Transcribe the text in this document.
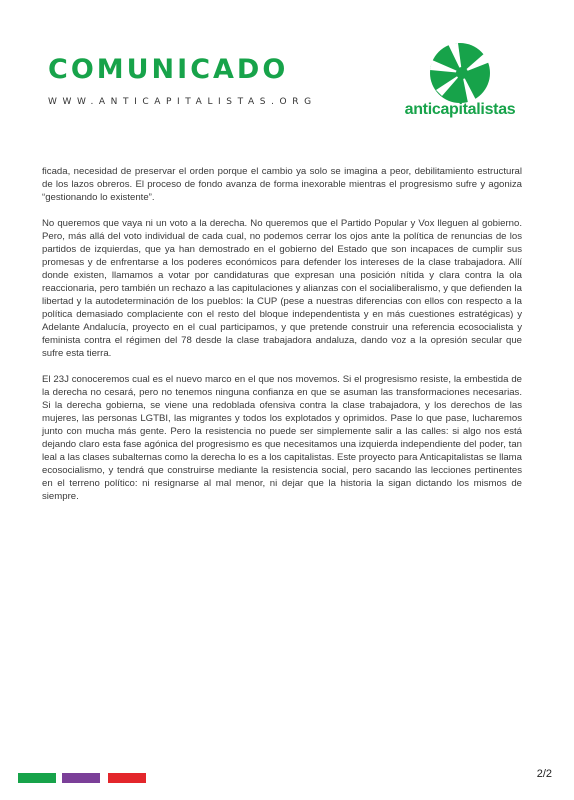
COMUNICADO
WWW.ANTICAPITALISTAS.ORG	anticapitalistas

ficada, necesidad de preservar el orden porque el cambio ya solo se imagina a peor, debilitamiento estructural de los lazos obreros. El proceso de fondo avanza de forma inexorable mientras el progresismo sufre y agoniza “gestionando lo existente”.

No queremos que vaya ni un voto a la derecha. No queremos que el Partido Popular y Vox lleguen al gobierno. Pero, más allá del voto individual de cada cual, no podemos cerrar los ojos ante la política de renuncias de los partidos de izquierdas, que ya han demostrado en el gobierno del Estado que son incapaces de cumplir sus promesas y de enfrentarse a los poderes económicos para defender los intereses de la clase trabajadora. Allí donde existen, llamamos a votar por candidaturas que expresan una posición nítida y clara contra la ola reaccionaria, pero también un rechazo a las capitulaciones y alianzas con el socialiberalismo, y que defienden la libertad y la autodeterminación de los pueblos: la CUP (pese a nuestras diferencias con ellos con respecto a la política demasiado complaciente con el resto del bloque independentista y en más cuestiones estratégicas) y Adelante Andalucía, proyecto en el cual participamos, y que pretende construir una referencia ecosocialista y feminista contra el régimen del 78 desde la clase trabajadora andaluza, dando voz a la opresión secular que sufre esta tierra.

El 23J conoceremos cual es el nuevo marco en el que nos movemos. Si el progresismo resiste, la embestida de la derecha no cesará, pero no tenemos ninguna confianza en que se asuman las transformaciones necesarias. Si la derecha gobierna, se viene una redoblada ofensiva contra la clase trabajadora, y los derechos de las mujeres, las personas LGTBI, las migrantes y todos los explotados y oprimidos. Pase lo que pase, lucharemos junto con mucha más gente. Pero la resistencia no puede ser simplemente salir a las calles: si algo nos está dejando claro esta fase agónica del progresismo es que necesitamos una izquierda independiente del poder, tan leal a las clases subalternas como la derecha lo es a los capitalistas. Este proyecto para Anticapitalistas se llama ecosocialismo, y tendrá que construirse mediante la resistencia social, pero sacando las lecciones pertinentes en el terreno político: ni resignarse al mal menor, ni dejar que la historia la sigan dictando los mismos de siempre.

2/2
